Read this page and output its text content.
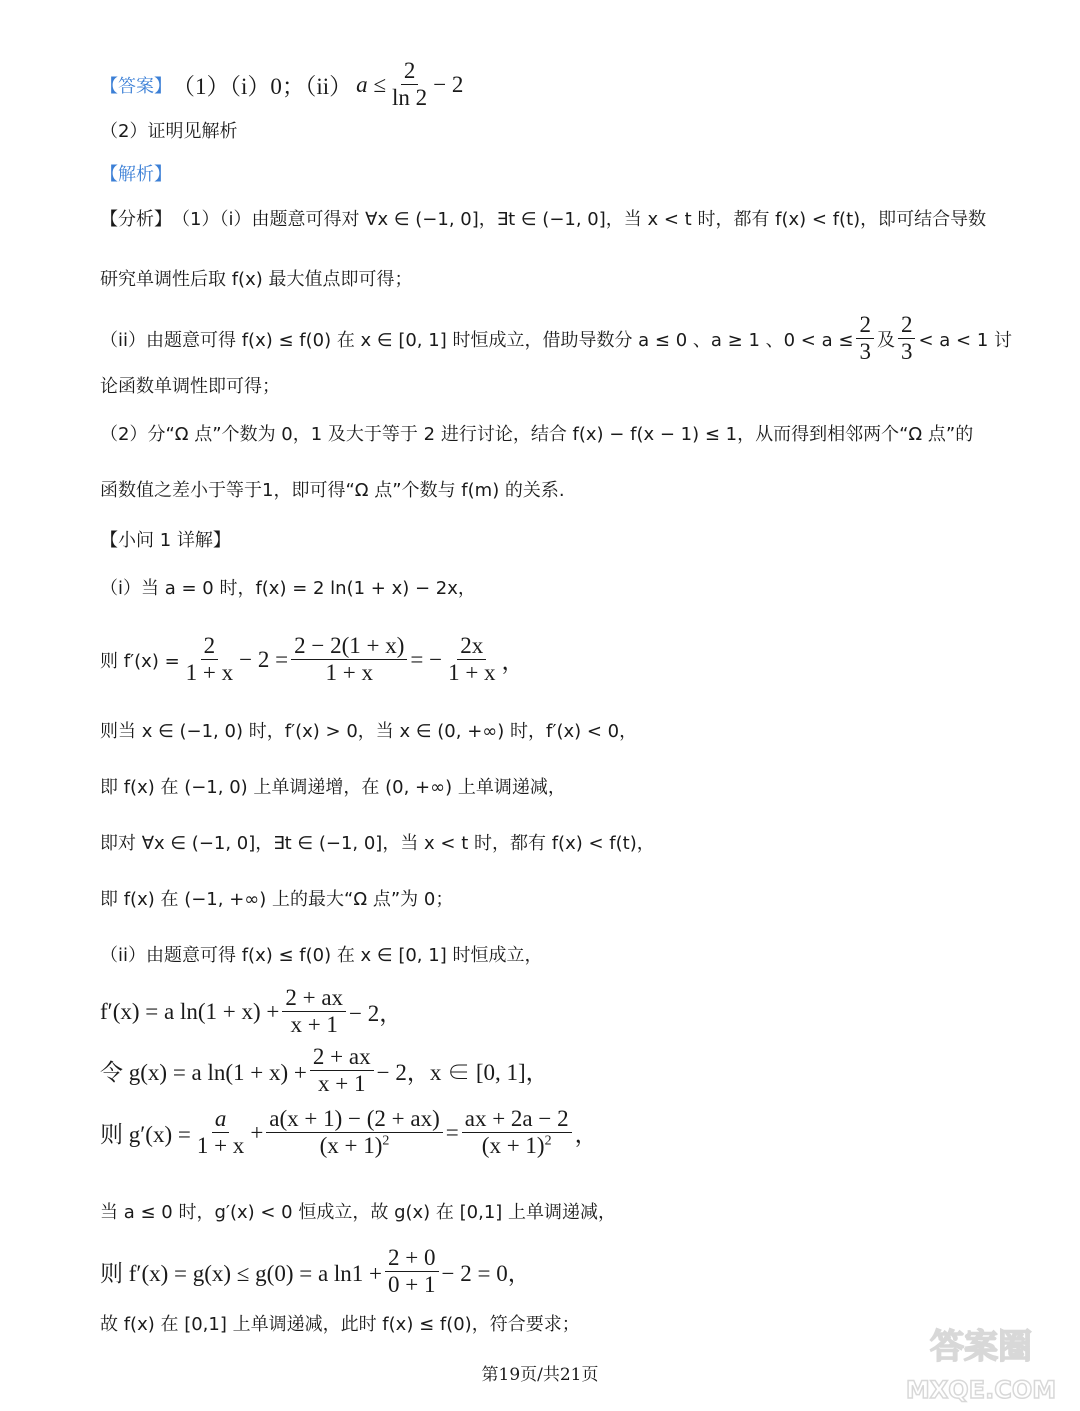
【答案】 （1）（i）0；（ii） $a \le \frac{2}{\ln 2} - 2$
（2）证明见解析
【解析】
【分析】 （1）（i）由题意可得对 ∀x ∈ (−1, 0]，∃t ∈ (−1, 0]，当 x < t 时，都有 f(x) < f(t)，即可结合导数
研究单调性后取 f(x) 最大值点即可得；
（ii）由题意可得 f(x) ≤ f(0) 在 x ∈ [0, 1] 时恒成立，借助导数分 a ≤ 0 、a ≥ 1 、$0 < a \le \frac{2}{3}$ 及 $\frac{2}{3} < a < 1$ 讨
论函数单调性即可得；
（2）分“Ω 点”个数为 0，1 及大于等于 2 进行讨论，结合 f(x) − f(x − 1) ≤ 1，从而得到相邻两个“Ω 点”的
函数值之差小于等于1，即可得“Ω 点”个数与 f(m) 的关系.
【小问 1 详解】
（i）当 a = 0 时，f(x) = 2 ln(1 + x) − 2x，
则 $f'(x) = \frac{2}{1 + x} - 2 = \frac{2 - 2(1 + x)}{1 + x}$ = − $\frac{2x}{1 + x}$ ，
则当 x ∈ (−1, 0) 时，f′(x) > 0，当 x ∈ (0, +∞) 时，f′(x) < 0，
即 f(x) 在 (−1, 0) 上单调递增，在 (0, +∞) 上单调递减，
即对 ∀x ∈ (−1, 0]，∃t ∈ (−1, 0]，当 x < t 时，都有 f(x) < f(t)，
即 f(x) 在 (−1, +∞) 上的最大“Ω 点”为 0；
（ii）由题意可得 f(x) ≤ f(0) 在 x ∈ [0, 1] 时恒成立，
f′(x) = a $\ln(1 + x) + \frac{2 + ax}{x + 1} - 2$，
令 g(x) = a $\ln(1 + x) + \frac{2 + ax}{x + 1} - 2$，x ∈ [0, 1]，
则 $g'(x) = \frac{a}{1 + x} + \frac{a(x + 1) - (2 + ax)}{(x + 1)^2} = \frac{ax + 2a - 2}{(x + 1)^2}$ ，
当 a ≤ 0 时，g′(x) < 0 恒成立，故 g(x) 在 [0,1] 上单调递减，
则 f′(x) = g(x) ≤ g(0) = a $\ln 1 + \frac{2 + 0}{0 + 1} - 2 = 0$，
故 f(x) 在 [0,1] 上单调递减，此时 f(x) ≤ f(0)，符合要求；
第19页/共21页
答案圈
MXQE.COM
